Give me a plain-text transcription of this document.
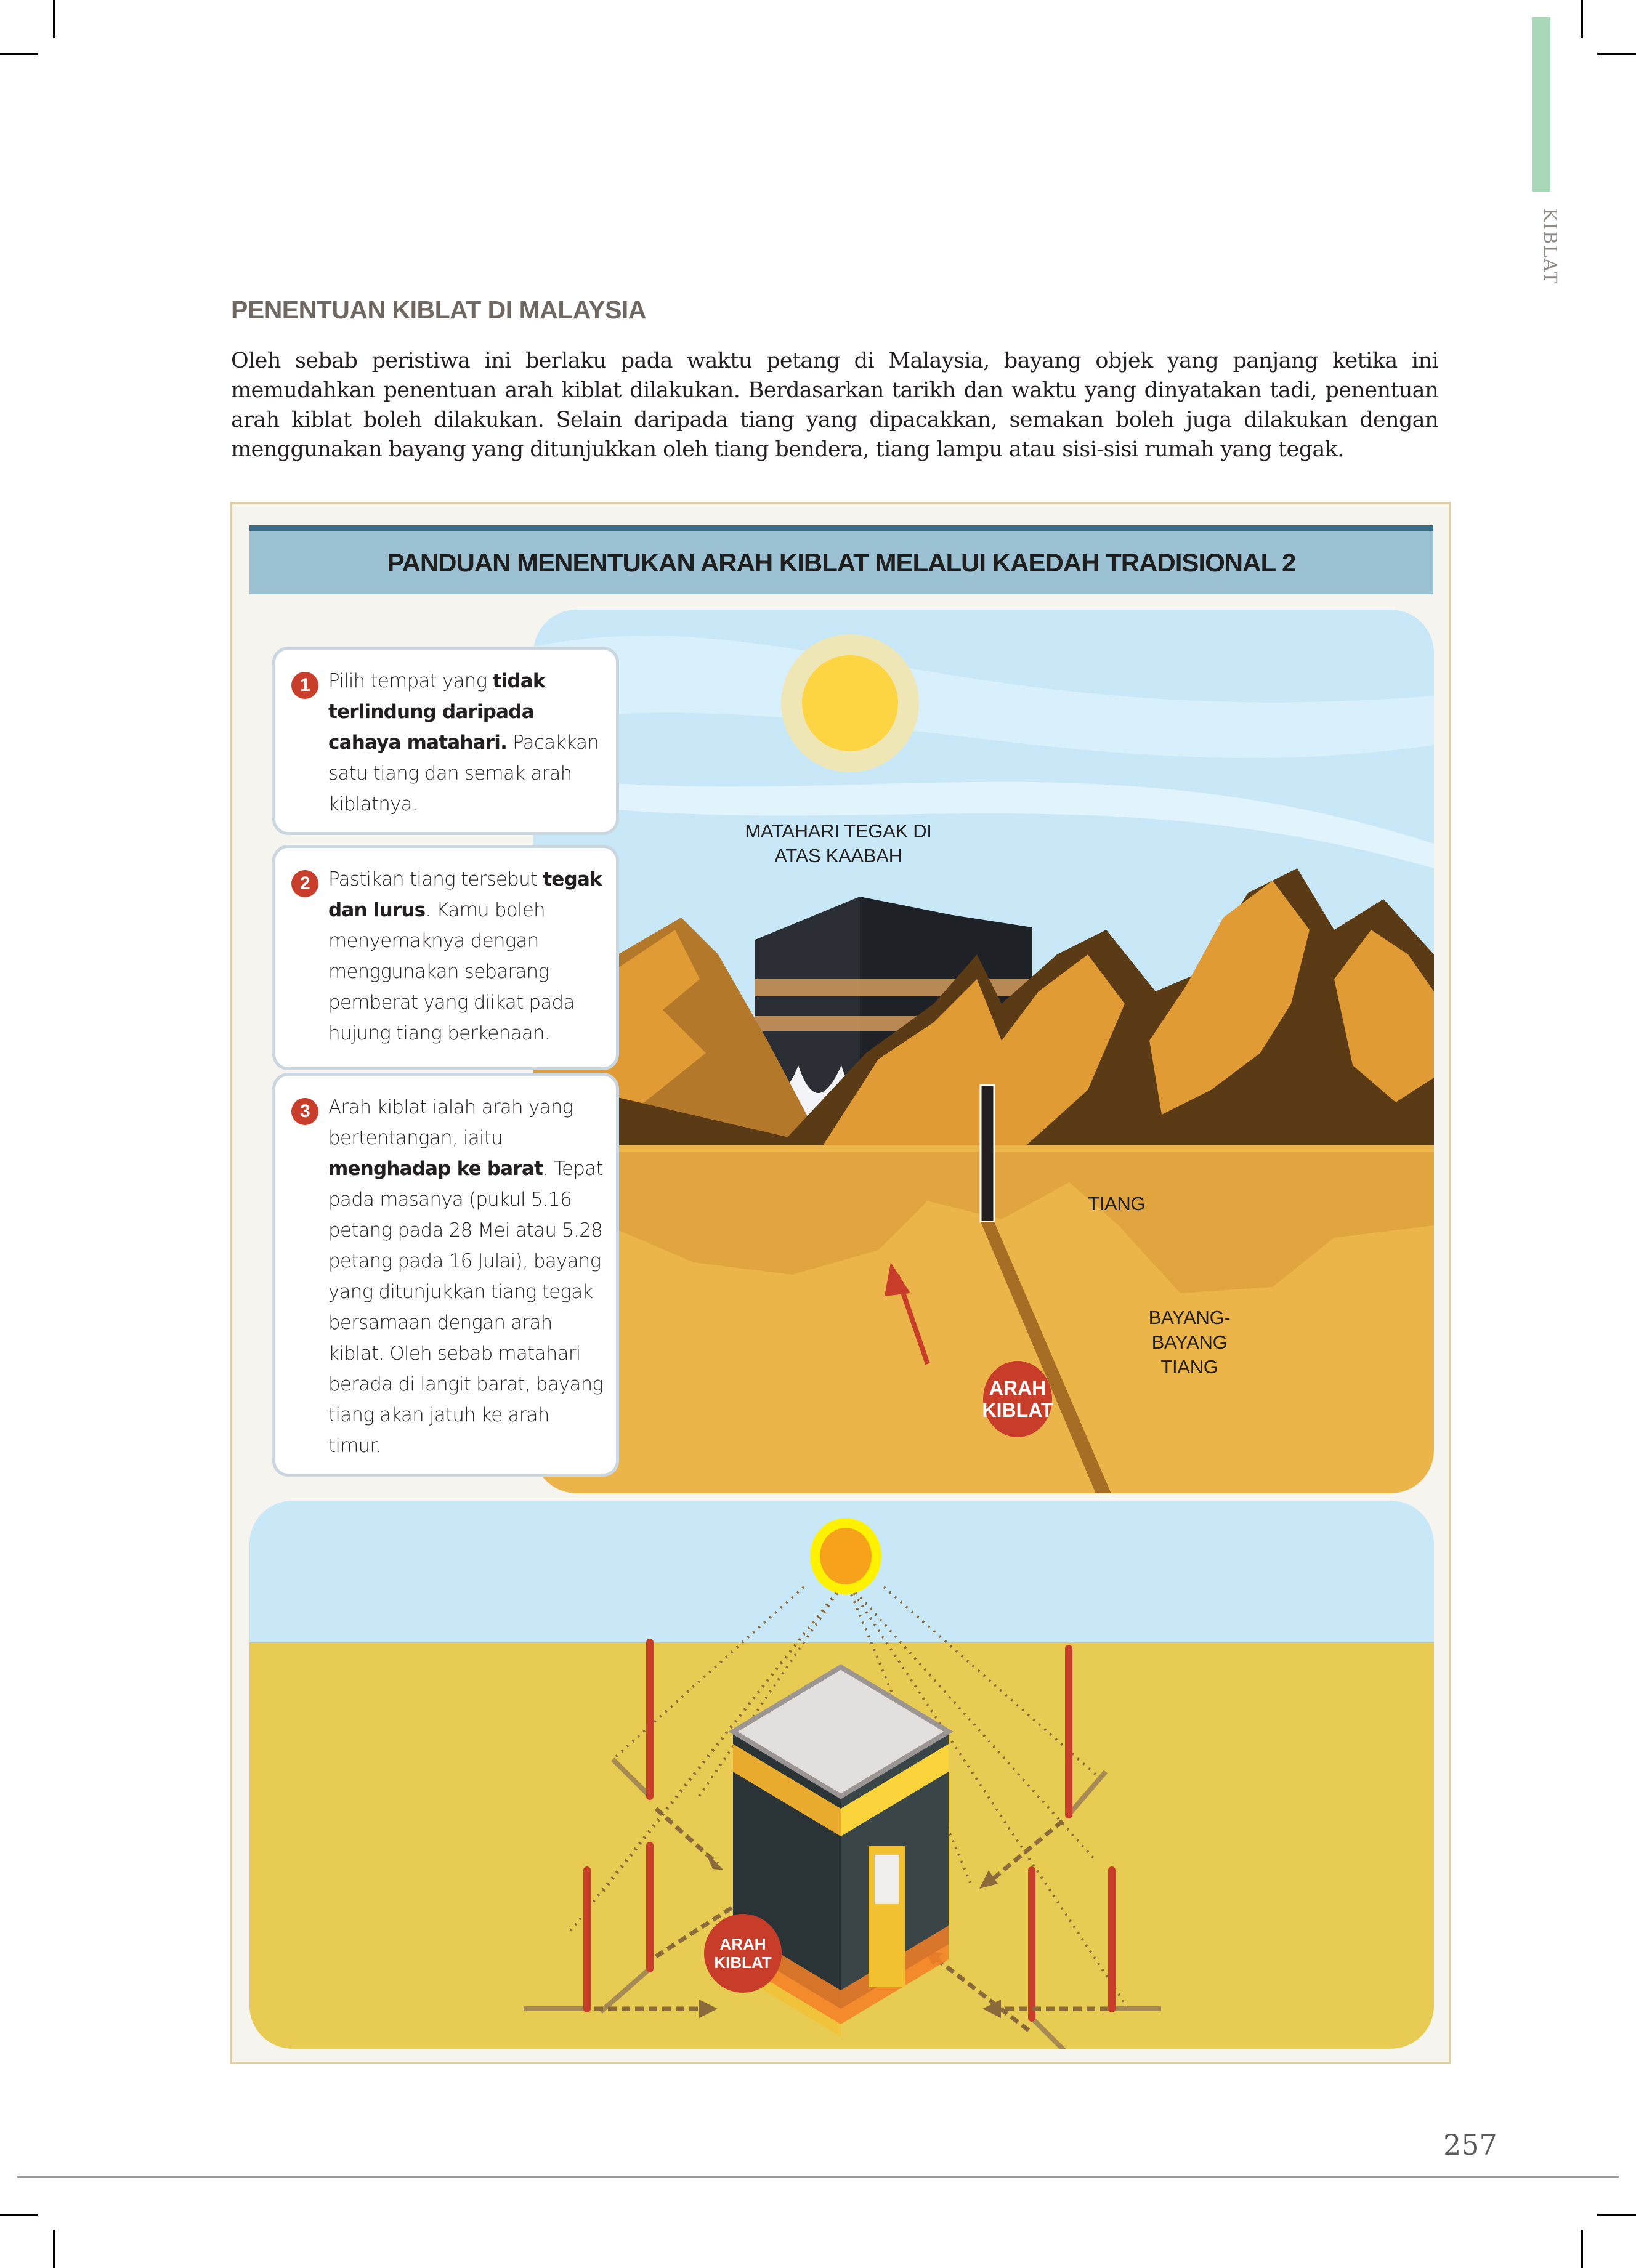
KIBLAT
PENENTUAN KIBLAT DI MALAYSIA
Oleh sebab peristiwa ini berlaku pada waktu petang di Malaysia, bayang objek yang panjang ketika ini memudahkan penentuan arah kiblat dilakukan. Berdasarkan tarikh dan waktu yang dinyatakan tadi, penentuan arah kiblat boleh dilakukan. Selain daripada tiang yang dipacakkan, semakan boleh juga dilakukan dengan menggunakan bayang yang ditunjukkan oleh tiang bendera, tiang lampu atau sisi-sisi rumah yang tegak.
PANDUAN MENENTUKAN ARAH KIBLAT MELALUI KAEDAH TRADISIONAL 2
MATAHARI TEGAK DI
ATAS KAABAH
TIANG
BAYANG-BAYANG
TIANG
ARAH
KIBLAT
1 Pilih tempat yang tidak terlindung daripada cahaya matahari. Pacakkan satu tiang dan semak arah kiblatnya.
2 Pastikan tiang tersebut tegak dan lurus. Kamu boleh menyemaknya dengan menggunakan sebarang pemberat yang diikat pada hujung tiang berkenaan.
3 Arah kiblat ialah arah yang bertentangan, iaitu menghadap ke barat. Tepat pada masanya (pukul 5.16 petang pada 28 Mei atau 5.28 petang pada 16 Julai), bayang yang ditunjukkan tiang tegak bersamaan dengan arah kiblat. Oleh sebab matahari berada di langit barat, bayang tiang akan jatuh ke arah timur.
ARAH
KIBLAT
257
